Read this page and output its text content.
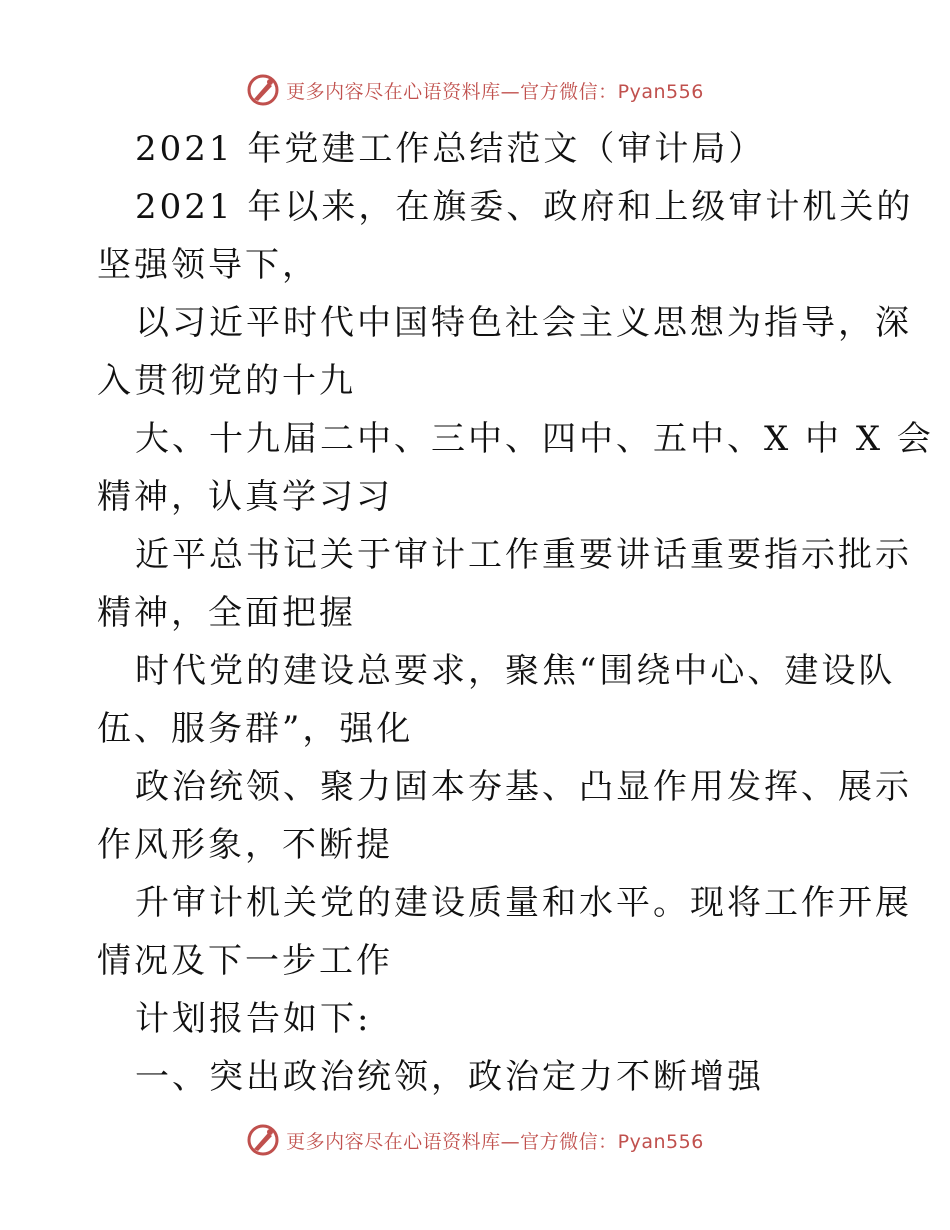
更多内容尽在心语资料库—官方微信：Pyan556
2021 年党建工作总结范文（审计局）
2021 年以来，在旗委、政府和上级审计机关的
坚强领导下，
以习近平时代中国特色社会主义思想为指导，深
入贯彻党的十九
大、十九届二中、三中、四中、五中、X 中 X 会
精神，认真学习习
近平总书记关于审计工作重要讲话重要指示批示
精神，全面把握
时代党的建设总要求，聚焦“围绕中心、建设队
伍、服务群”，强化
政治统领、聚力固本夯基、凸显作用发挥、展示
作风形象，不断提
升审计机关党的建设质量和水平。现将工作开展
情况及下一步工作
计划报告如下:
一、突出政治统领，政治定力不断增强
更多内容尽在心语资料库—官方微信：Pyan556
